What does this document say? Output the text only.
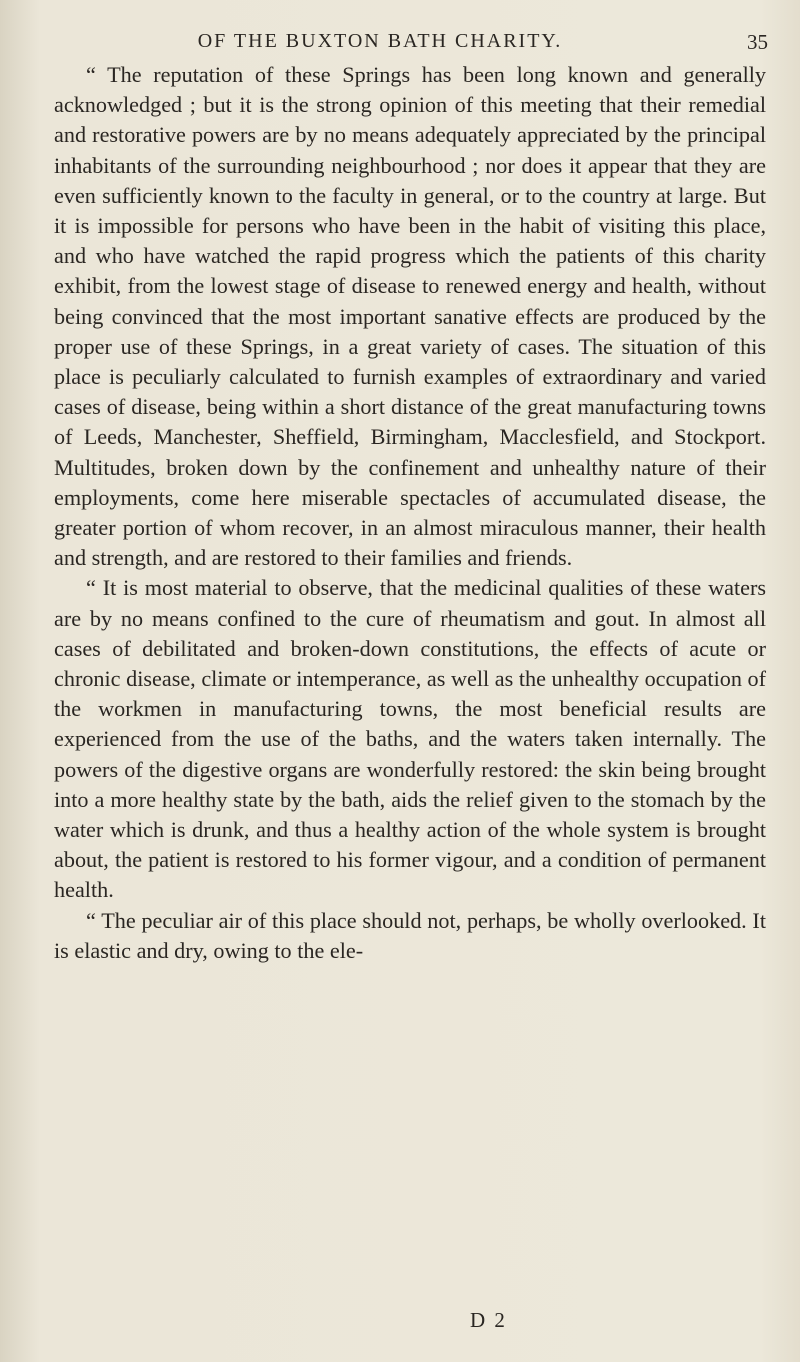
OF THE BUXTON BATH CHARITY.	35

“ The reputation of these Springs has been long known and generally acknowledged ; but it is the strong opinion of this meeting that their remedial and restorative powers are by no means adequately appreciated by the principal inhabitants of the surrounding neighbourhood ; nor does it appear that they are even sufficiently known to the faculty in general, or to the country at large. But it is impossible for persons who have been in the habit of visiting this place, and who have watched the rapid progress which the patients of this charity exhibit, from the lowest stage of disease to renewed energy and health, without being convinced that the most important sanative effects are produced by the proper use of these Springs, in a great variety of cases. The situation of this place is peculiarly calculated to furnish examples of extraordinary and varied cases of disease, being within a short distance of the great manufacturing towns of Leeds, Manchester, Sheffield, Birmingham, Macclesfield, and Stockport. Multitudes, broken down by the confinement and unhealthy nature of their employments, come here miserable spectacles of accumulated disease, the greater portion of whom recover, in an almost miraculous manner, their health and strength, and are restored to their families and friends.

“ It is most material to observe, that the medicinal qualities of these waters are by no means confined to the cure of rheumatism and gout. In almost all cases of debilitated and broken-down constitutions, the effects of acute or chronic disease, climate or intemperance, as well as the unhealthy occupation of the workmen in manufacturing towns, the most beneficial results are experienced from the use of the baths, and the waters taken internally. The powers of the digestive organs are wonderfully restored: the skin being brought into a more healthy state by the bath, aids the relief given to the stomach by the water which is drunk, and thus a healthy action of the whole system is brought about, the patient is restored to his former vigour, and a condition of permanent health.

“ The peculiar air of this place should not, perhaps, be wholly overlooked. It is elastic and dry, owing to the ele-

D 2
